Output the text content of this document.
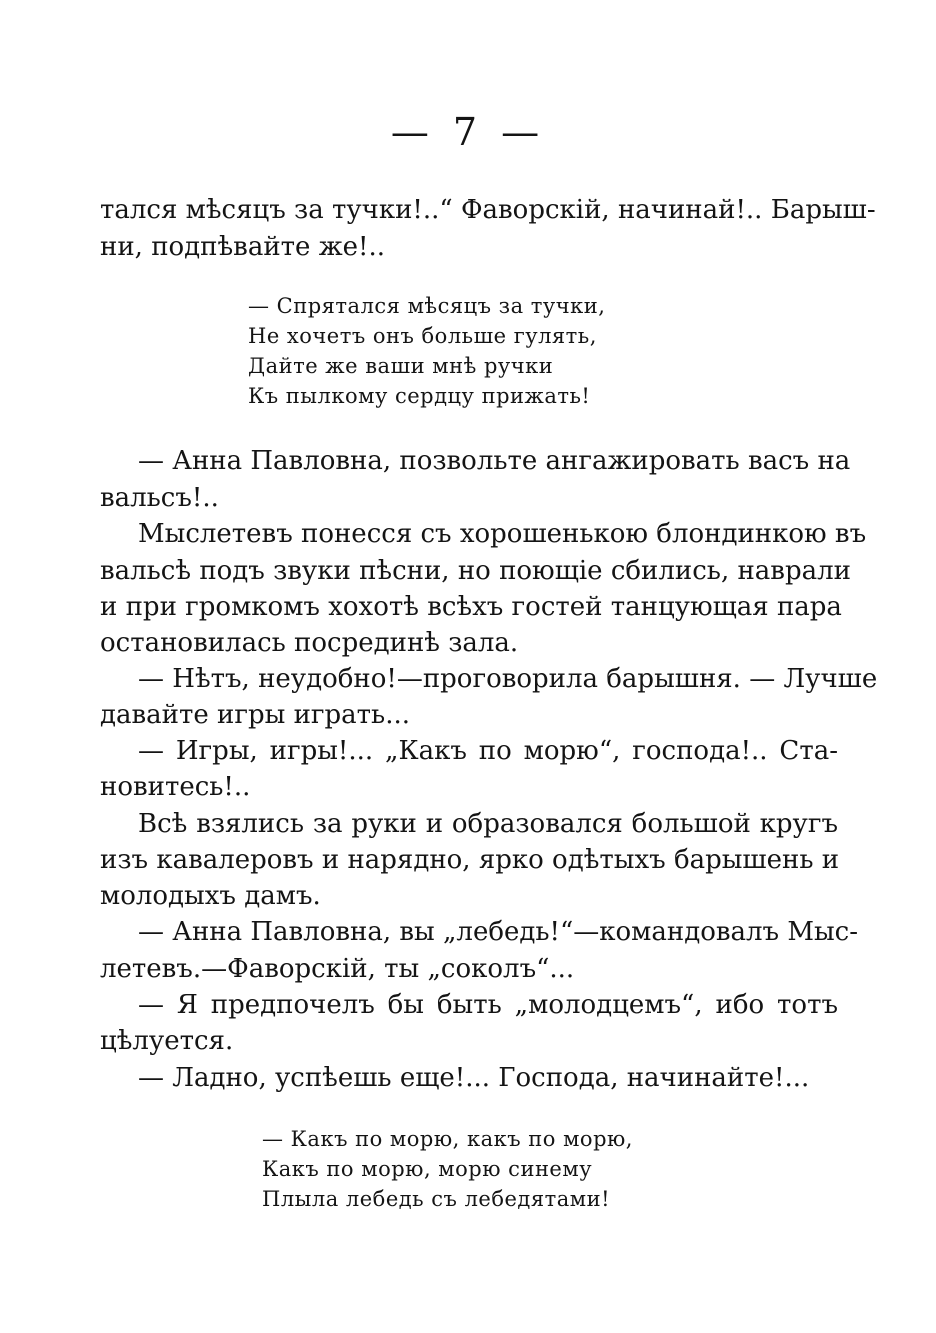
— 7 —
тался мѣсяцъ за тучки!..“ Фаворскій, начинай!.. Барыш-
ни, подпѣвайте же!..
— Спрятался мѣсяцъ за тучки,
Не хочетъ онъ больше гулять,
Дайте же ваши мнѣ ручки
Къ пылкому сердцу прижать!
— Анна Павловна, позвольте ангажировать васъ на
вальсъ!..
Мыслетевъ понесся съ хорошенькою блондинкою въ
вальсѣ подъ звуки пѣсни, но поющіе сбились, наврали
и при громкомъ хохотѣ всѣхъ гостей танцующая пара
остановилась посрединѣ зала.
— Нѣтъ, неудобно!—проговорила барышня. — Лучше
давайте игры играть...
— Игры, игры!... „Какъ по морю“, господа!.. Ста-
новитесь!..
Всѣ взялись за руки и образовался большой кругъ
изъ кавалеровъ и нарядно, ярко одѣтыхъ барышень и
молодыхъ дамъ.
— Анна Павловна, вы „лебедь!“—командовалъ Мыс-
летевъ.—Фаворскій, ты „соколъ“...
— Я предпочелъ бы быть „молодцемъ“, ибо тотъ
цѣлуется.
— Ладно, успѣешь еще!... Господа, начинайте!...
— Какъ по морю, какъ по морю,
Какъ по морю, морю синему
Плыла лебедь съ лебедятами!
